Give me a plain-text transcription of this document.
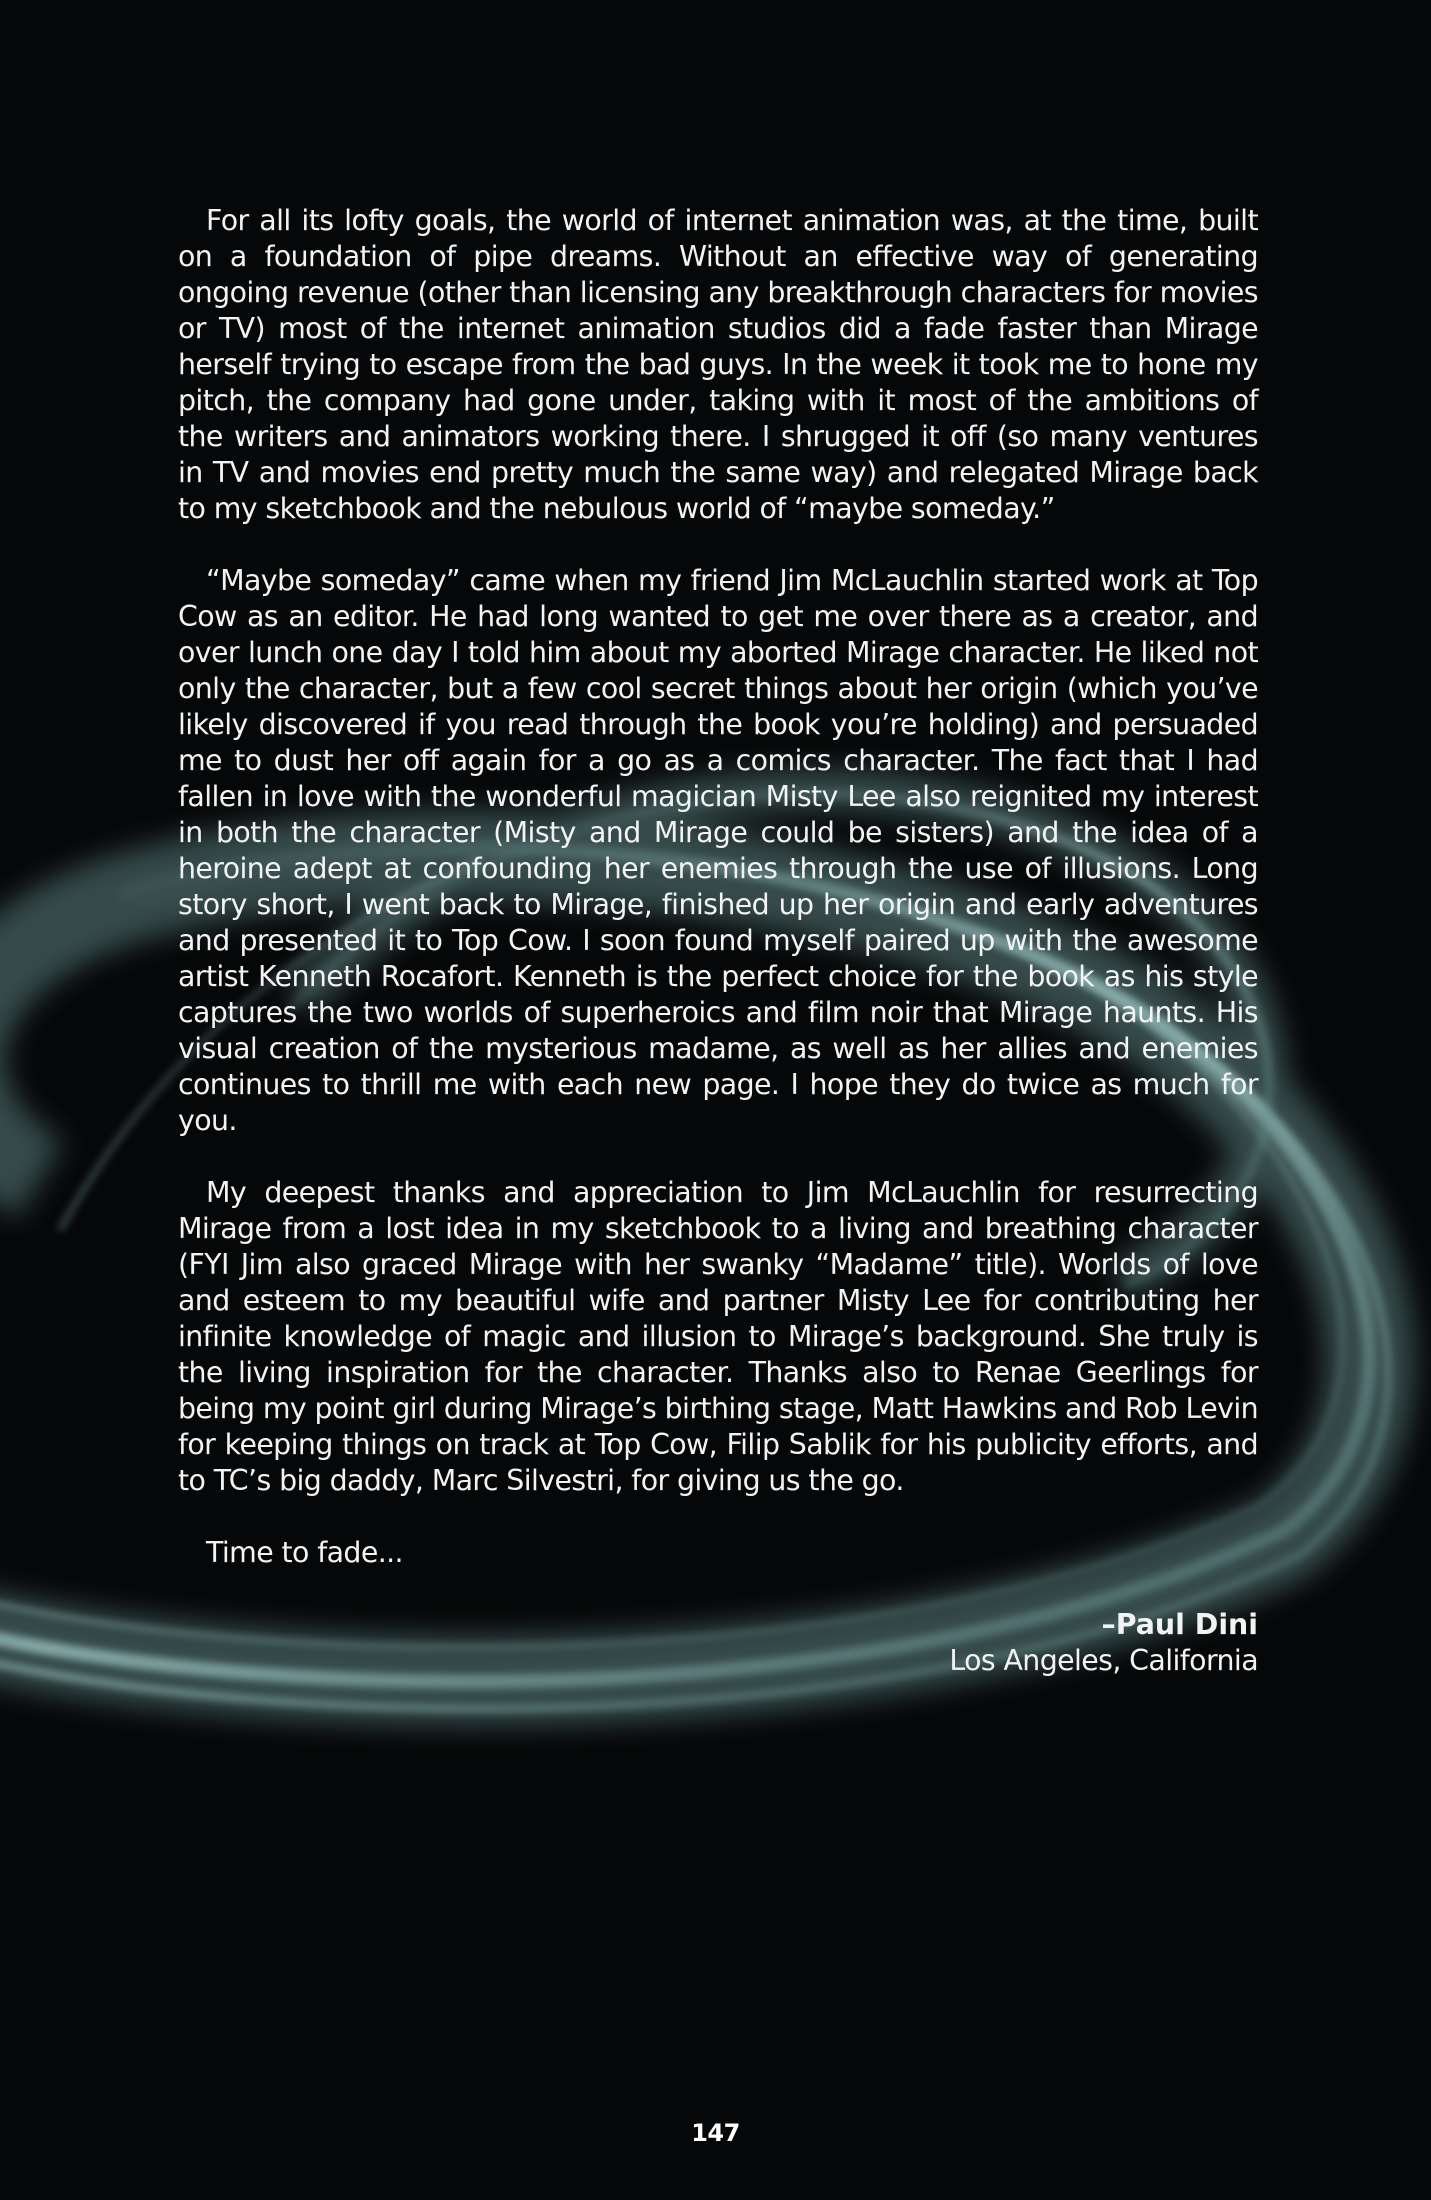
For all its lofty goals, the world of internet animation was, at the time, built on a foundation of pipe dreams. Without an effective way of generating ongoing revenue (other than licensing any breakthrough characters for movies or TV) most of the internet animation studios did a fade faster than Mirage herself trying to escape from the bad guys. In the week it took me to hone my pitch, the company had gone under, taking with it most of the ambitions of the writers and animators working there. I shrugged it off (so many ventures in TV and movies end pretty much the same way) and relegated Mirage back to my sketchbook and the nebulous world of “maybe someday.”

“Maybe someday” came when my friend Jim McLauchlin started work at Top Cow as an editor. He had long wanted to get me over there as a creator, and over lunch one day I told him about my aborted Mirage character. He liked not only the character, but a few cool secret things about her origin (which you’ve likely discovered if you read through the book you’re holding) and persuaded me to dust her off again for a go as a comics character. The fact that I had fallen in love with the wonderful magician Misty Lee also reignited my interest in both the character (Misty and Mirage could be sisters) and the idea of a heroine adept at confounding her enemies through the use of illusions. Long story short, I went back to Mirage, finished up her origin and early adventures and presented it to Top Cow. I soon found myself paired up with the awesome artist Kenneth Rocafort. Kenneth is the perfect choice for the book as his style captures the two worlds of superheroics and film noir that Mirage haunts. His visual creation of the mysterious madame, as well as her allies and enemies continues to thrill me with each new page. I hope they do twice as much for you.

My deepest thanks and appreciation to Jim McLauchlin for resurrecting Mirage from a lost idea in my sketchbook to a living and breathing character (FYI Jim also graced Mirage with her swanky “Madame” title). Worlds of love and esteem to my beautiful wife and partner Misty Lee for contributing her infinite knowledge of magic and illusion to Mirage’s background. She truly is the living inspiration for the character. Thanks also to Renae Geerlings for being my point girl during Mirage’s birthing stage, Matt Hawkins and Rob Levin for keeping things on track at Top Cow, Filip Sablik for his publicity efforts, and to TC’s big daddy, Marc Silvestri, for giving us the go.

Time to fade...

–Paul Dini
Los Angeles, California
147
